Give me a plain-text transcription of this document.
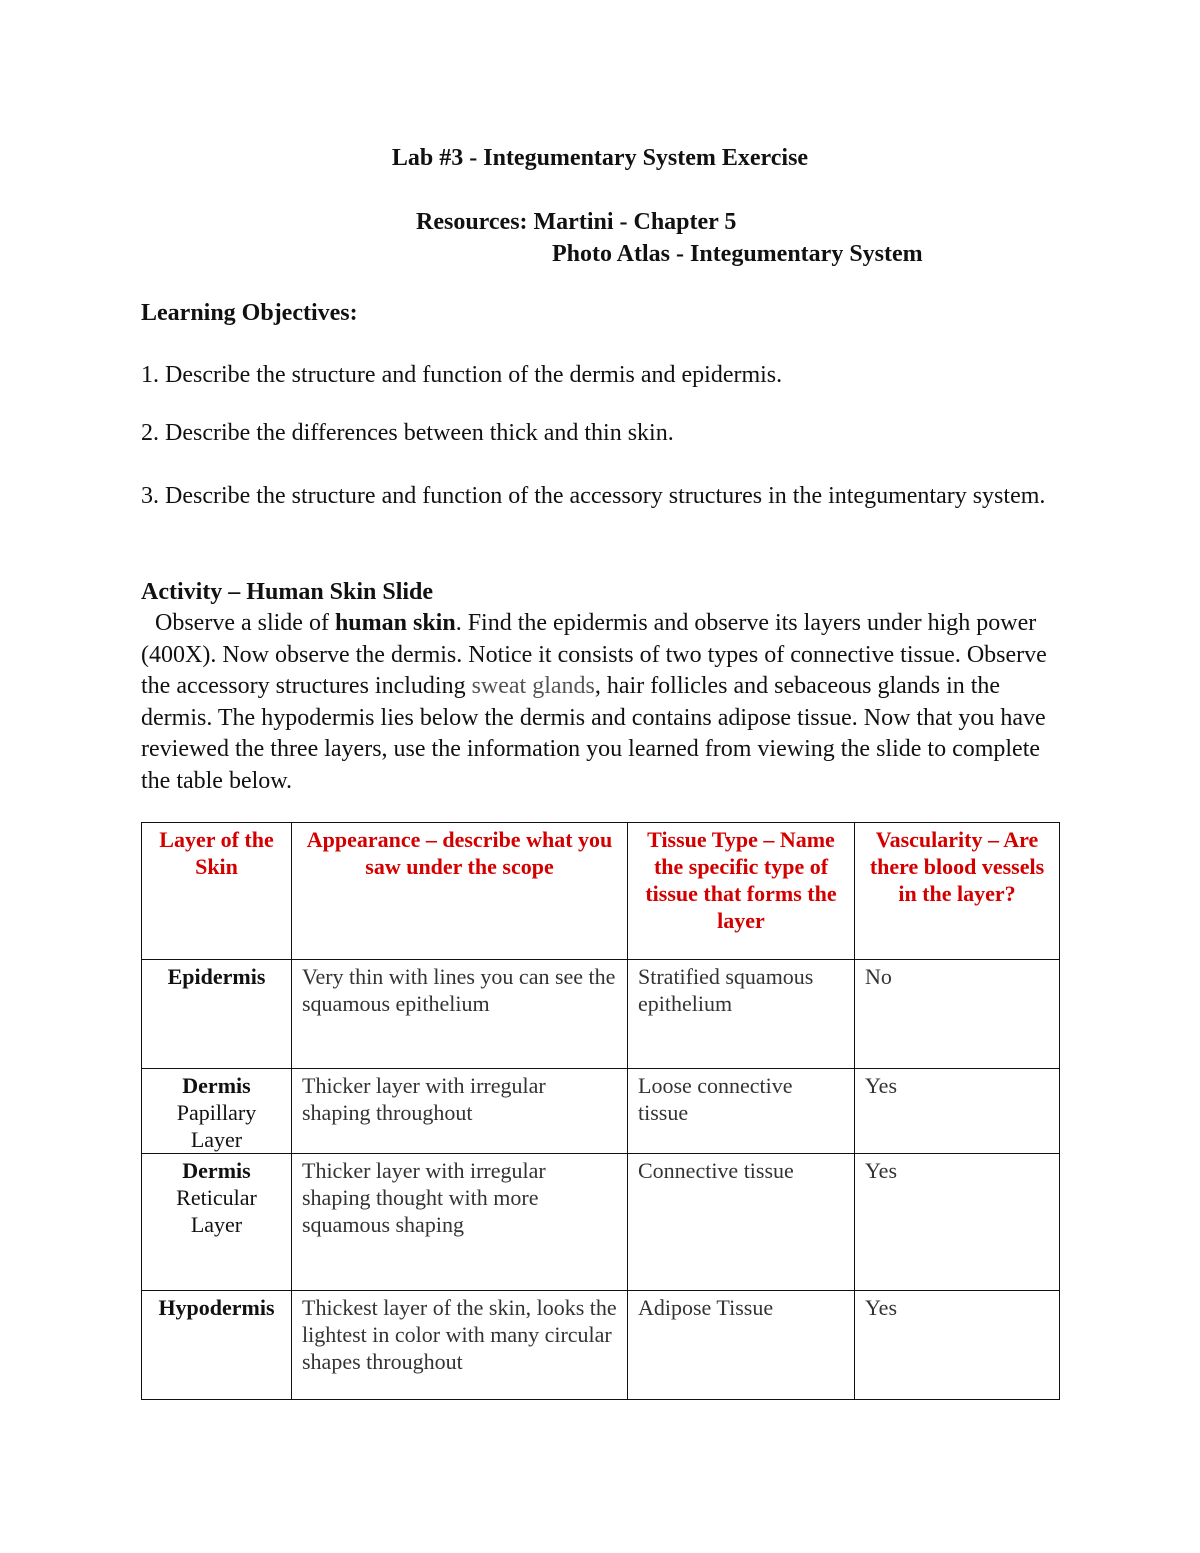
Lab #3 - Integumentary System Exercise
Resources: Martini - Chapter 5
Photo Atlas - Integumentary System
Learning Objectives:

1. Describe the structure and function of the dermis and epidermis.

2. Describe the differences between thick and thin skin.

3. Describe the structure and function of the accessory structures in the integumentary system.

Activity – Human Skin Slide

Observe a slide of human skin. Find the epidermis and observe its layers under high power (400X). Now observe the dermis. Notice it consists of two types of connective tissue. Observe the accessory structures including sweat glands, hair follicles and sebaceous glands in the dermis. The hypodermis lies below the dermis and contains adipose tissue. Now that you have reviewed the three layers, use the information you learned from viewing the slide to complete the table below.

Layer of the Skin	Appearance – describe what you saw under the scope	Tissue Type – Name the specific type of tissue that forms the layer	Vascularity – Are there blood vessels in the layer?

Epidermis	Very thin with lines you can see the squamous epithelium	Stratified squamous epithelium	No

Dermis
Papillary Layer	Thicker layer with irregular shaping throughout	Loose connective tissue	Yes

Dermis
Reticular Layer	Thicker layer with irregular shaping thought with more squamous shaping	Connective tissue	Yes

Hypodermis	Thickest layer of the skin, looks the lightest in color with many circular shapes throughout	Adipose Tissue	Yes
